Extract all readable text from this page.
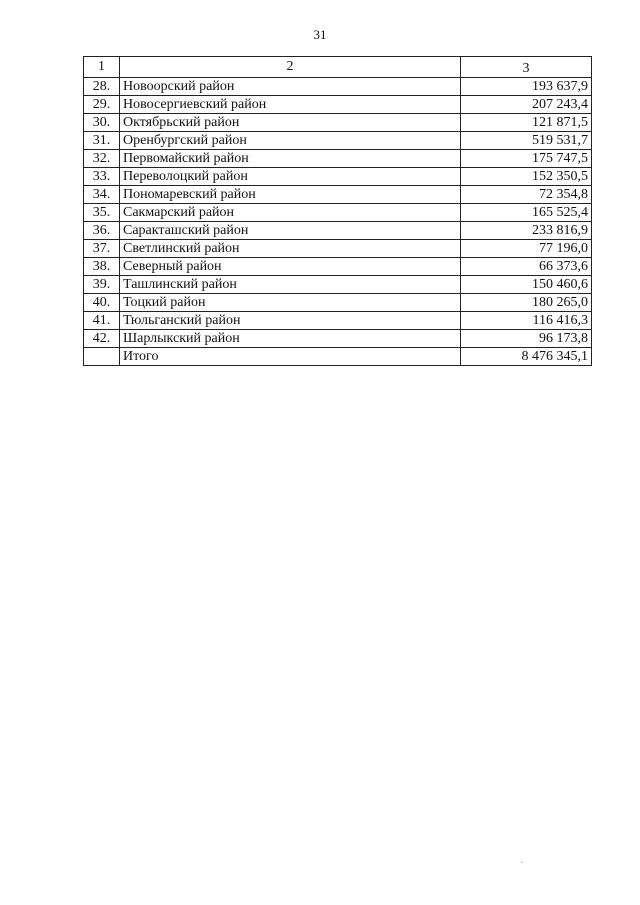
31
1	2	3
28.	Новоорский район	193 637,9
29.	Новосергиевский район	207 243,4
30.	Октябрьский район	121 871,5
31.	Оренбургский район	519 531,7
32.	Первомайский район	175 747,5
33.	Переволоцкий район	152 350,5
34.	Пономаревский район	72 354,8
35.	Сакмарский район	165 525,4
36.	Саракташский район	233 816,9
37.	Светлинский район	77 196,0
38.	Северный район	66 373,6
39.	Ташлинский район	150 460,6
40.	Тоцкий район	180 265,0
41.	Тюльганский район	116 416,3
42.	Шарлыкский район	96 173,8
	Итого	8 476 345,1
.
